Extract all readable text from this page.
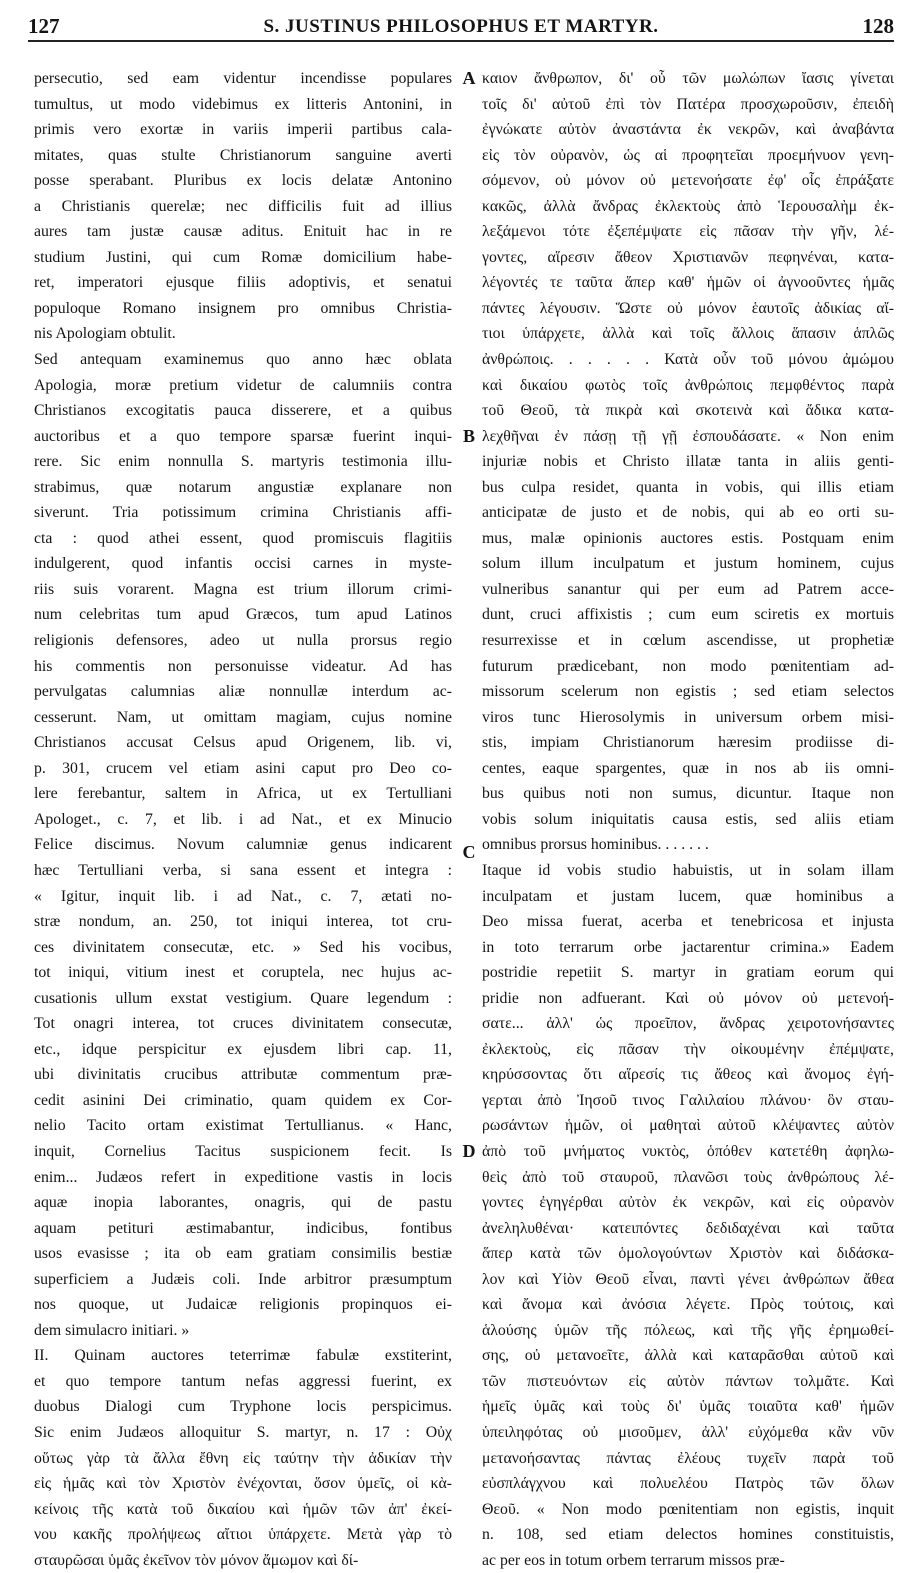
127	S. JUSTINUS PHILOSOPHUS ET MARTYR.	128
persecutio, sed eam videntur incendisse populares
tumultus, ut modo videbimus ex litteris Antonini, in
primis vero exortæ in variis imperii partibus cala-
mitates, quas stulte Christianorum sanguine averti
posse sperabant. Pluribus ex locis delatæ Antonino
a Christianis querelæ; nec difficilis fuit ad illius
aures tam justæ causæ aditus. Enituit hac in re
studium Justini, qui cum Romæ domicilium habe-
ret, imperatori ejusque filiis adoptivis, et senatui
populoque Romano insignem pro omnibus Christia-
nis Apologiam obtulit.
Sed antequam examinemus quo anno hæc oblata
Apologia, moræ pretium videtur de calumniis contra
Christianos excogitatis pauca disserere, et a quibus
auctoribus et a quo tempore sparsæ fuerint inqui-
rere. Sic enim nonnulla S. martyris testimonia illu-
strabimus, quæ notarum angustiæ explanare non
siverunt. Tria potissimum crimina Christianis affi-
cta : quod athei essent, quod promiscuis flagitiis
indulgerent, quod infantis occisi carnes in myste-
riis suis vorarent. Magna est trium illorum crimi-
num celebritas tum apud Græcos, tum apud Latinos
religionis defensores, adeo ut nulla prorsus regio
his commentis non personuisse videatur. Ad has
pervulgatas calumnias aliæ nonnullæ interdum ac-
cesserunt. Nam, ut omittam magiam, cujus nomine
Christianos accusat Celsus apud Origenem, lib. vi,
p. 301, crucem vel etiam asini caput pro Deo co-
lere ferebantur, saltem in Africa, ut ex Tertulliani
Apologet., c. 7, et lib. i ad Nat., et ex Minucio
Felice discimus. Novum calumniæ genus indicarent
hæc Tertulliani verba, si sana essent et integra :
« Igitur, inquit lib. i ad Nat., c. 7, ætati no-
stræ nondum, an. 250, tot iniqui interea, tot cru-
ces divinitatem consecutæ, etc. » Sed his vocibus,
tot iniqui, vitium inest et coruptela, nec hujus ac-
cusationis ullum exstat vestigium. Quare legendum :
Tot onagri interea, tot cruces divinitatem consecutæ,
etc., idque perspicitur ex ejusdem libri cap. 11,
ubi divinitatis crucibus attributæ commentum præ-
cedit asinini Dei criminatio, quam quidem ex Cor-
nelio Tacito ortam existimat Tertullianus. « Hanc,
inquit, Cornelius Tacitus suspicionem fecit. Is
enim... Judæos refert in expeditione vastis in locis
aquæ inopia laborantes, onagris, qui de pastu
aquam petituri æstimabantur, indicibus, fontibus
usos evasisse ; ita ob eam gratiam consimilis bestiæ
superficiem a Judæis coli. Inde arbitror præsumptum
nos quoque, ut Judaicæ religionis propinquos ei-
dem simulacro initiari. »
II. Quinam auctores teterrimæ fabulæ exstiterint,
et quo tempore tantum nefas aggressi fuerint, ex
duobus Dialogi cum Tryphone locis perspicimus.
Sic enim Judæos alloquitur S. martyr, n. 17 : Οὐχ
οὕτως γὰρ τὰ ἄλλα ἔθνη εἰς ταύτην τὴν ἀδικίαν τὴν
εἰς ἡμᾶς καὶ τὸν Χριστὸν ἐνέχονται, ὅσον ὑμεῖς, οἱ κὰ-
κείνοις τῆς κατὰ τοῦ δικαίου καὶ ἡμῶν τῶν ἀπ' ἐκεί-
νου κακῆς προλήψεως αἴτιοι ὑπάρχετε. Μετὰ γὰρ τὸ
σταυρῶσαι ὑμᾶς ἐκεῖνον τὸν μόνον ἄμωμον καὶ δί-
καιον ἄνθρωπον, δι' οὗ τῶν μωλώπων ἴασις γίνεται
τοῖς δι' αὐτοῦ ἐπὶ τὸν Πατέρα προσχωροῦσιν, ἐπειδὴ
ἐγνώκατε αὐτὸν ἀναστάντα ἐκ νεκρῶν, καὶ ἀναβάντα
εἰς τὸν οὐρανὸν, ὡς αἱ προφητεῖαι προεμήνυον γενη-
σόμενον, οὐ μόνον οὐ μετενοήσατε ἐφ' οἷς ἐπράξατε
κακῶς, ἀλλὰ ἄνδρας ἐκλεκτοὺς ἀπὸ Ἱερουσαλὴμ ἐκ-
λεξάμενοι τότε ἐξεπέμψατε εἰς πᾶσαν τὴν γῆν, λέ-
γοντες, αἵρεσιν ἄθεον Χριστιανῶν πεφηνέναι, κατα-
λέγοντές τε ταῦτα ἅπερ καθ' ἡμῶν οἱ ἀγνοοῦντες ἡμᾶς
πάντες λέγουσιν. Ὥστε οὐ μόνον ἑαυτοῖς ἀδικίας αἴ-
τιοι ὑπάρχετε, ἀλλὰ καὶ τοῖς ἄλλοις ἅπασιν ἁπλῶς
ἀνθρώποις. . . . . . Κατὰ οὖν τοῦ μόνου ἀμώμου
καὶ δικαίου φωτὸς τοῖς ἀνθρώποις πεμφθέντος παρὰ
τοῦ Θεοῦ, τὰ πικρὰ καὶ σκοτεινὰ καὶ ἄδικα κατα-
λεχθῆναι ἐν πάσῃ τῇ γῇ ἐσπουδάσατε. « Non enim
injuriæ nobis et Christo illatæ tanta in aliis genti-
bus culpa residet, quanta in vobis, qui illis etiam
anticipatæ de justo et de nobis, qui ab eo orti su-
mus, malæ opinionis auctores estis. Postquam enim
solum illum inculpatum et justum hominem, cujus
vulneribus sanantur qui per eum ad Patrem acce-
dunt, cruci affixistis ; cum eum sciretis ex mortuis
resurrexisse et in cœlum ascendisse, ut prophetiæ
futurum prædicebant, non modo pœnitentiam ad-
missorum scelerum non egistis ; sed etiam selectos
viros tunc Hierosolymis in universum orbem misi-
stis, impiam Christianorum hæresim prodiisse di-
centes, eaque spargentes, quæ in nos ab iis omni-
bus quibus noti non sumus, dicuntur. Itaque non
vobis solum iniquitatis causa estis, sed aliis etiam
omnibus prorsus hominibus. . . . . . .
Itaque id vobis studio habuistis, ut in solam illam
inculpatam et justam lucem, quæ hominibus a
Deo missa fuerat, acerba et tenebricosa et injusta
in toto terrarum orbe jactarentur crimina.» Eadem
postridie repetiit S. martyr in gratiam eorum qui
pridie non adfuerant. Καὶ οὐ μόνον οὐ μετενοή-
σατε... ἀλλ' ὡς προεῖπον, ἄνδρας χειροτονήσαντες
ἐκλεκτοὺς, εἰς πᾶσαν τὴν οἰκουμένην ἐπέμψατε,
κηρύσσοντας ὅτι αἵρεσίς τις ἄθεος καὶ ἄνομος ἐγή-
γερται ἀπὸ Ἰησοῦ τινος Γαλιλαίου πλάνου· ὃν σταυ-
ρωσάντων ἡμῶν, οἱ μαθηταὶ αὐτοῦ κλέψαντες αὐτὸν
ἀπὸ τοῦ μνήματος νυκτὸς, ὁπόθεν κατετέθη ἀφηλω-
θεὶς ἀπὸ τοῦ σταυροῦ, πλανῶσι τοὺς ἀνθρώπους λέ-
γοντες ἐγηγέρθαι αὐτὸν ἐκ νεκρῶν, καὶ εἰς οὐρανὸν
ἀνεληλυθέναι· κατειπόντες δεδιδαχέναι καὶ ταῦτα
ἅπερ κατὰ τῶν ὁμολογούντων Χριστὸν καὶ διδάσκα-
λον καὶ Υἱὸν Θεοῦ εἶναι, παντὶ γένει ἀνθρώπων ἄθεα
καὶ ἄνομα καὶ ἀνόσια λέγετε. Πρὸς τούτοις, καὶ
ἁλούσης ὑμῶν τῆς πόλεως, καὶ τῆς γῆς ἐρημωθεί-
σης, οὐ μετανοεῖτε, ἀλλὰ καὶ καταρᾶσθαι αὐτοῦ καὶ
τῶν πιστευόντων εἰς αὐτὸν πάντων τολμᾶτε. Καὶ
ἡμεῖς ὑμᾶς καὶ τοὺς δι' ὑμᾶς τοιαῦτα καθ' ἡμῶν
ὑπειληφότας οὐ μισοῦμεν, ἀλλ' εὐχόμεθα κἂν νῦν
μετανοήσαντας πάντας ἐλέους τυχεῖν παρὰ τοῦ
εὐσπλάγχνου καὶ πολυελέου Πατρὸς τῶν ὅλων
Θεοῦ. « Non modo pœnitentiam non egistis, inquit
n. 108, sed etiam delectos homines constituistis,
ac per eos in totum orbem terrarum missos præ-
A
B
C
D
